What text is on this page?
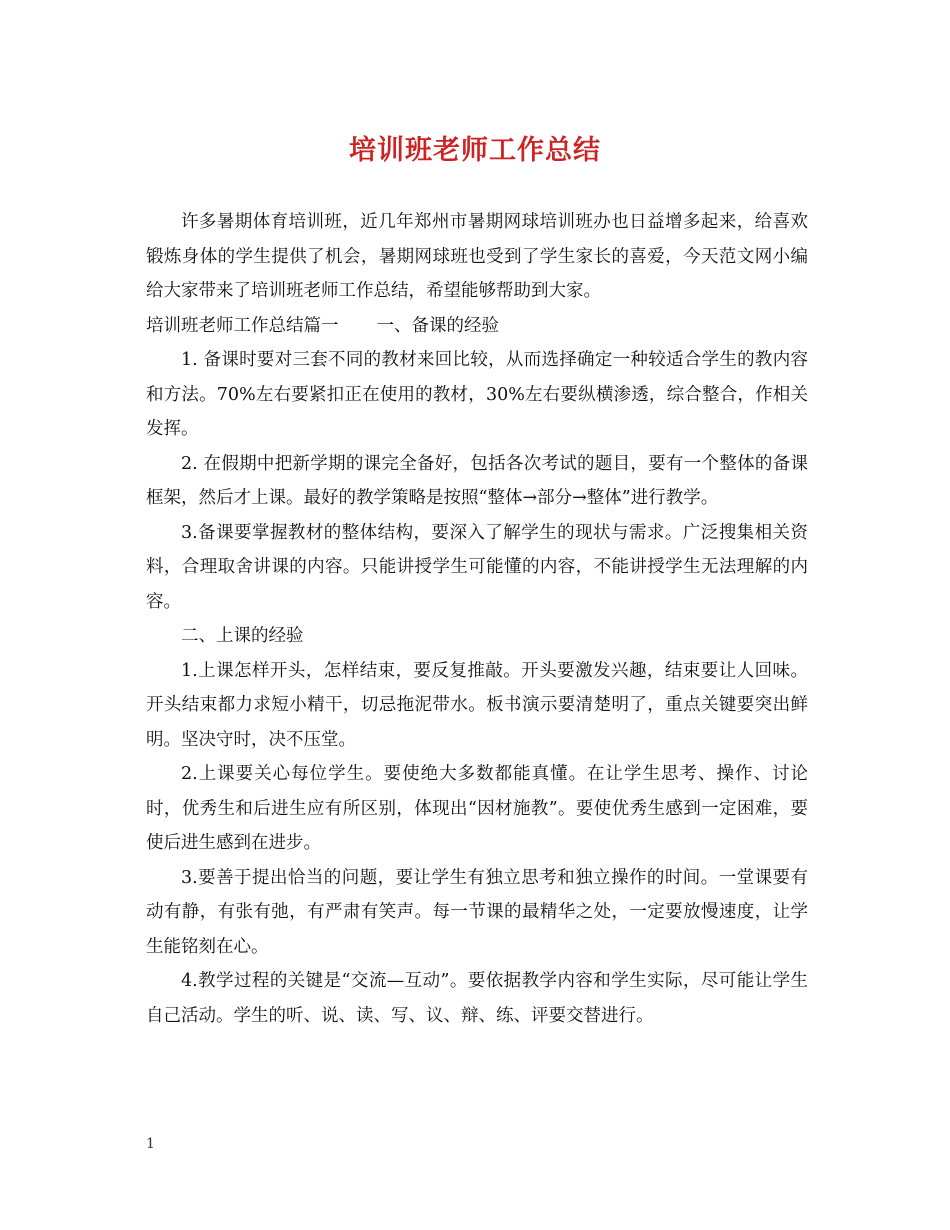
培训班老师工作总结

许多暑期体育培训班，近几年郑州市暑期网球培训班办也日益增多起来，给喜欢锻炼身体的学生提供了机会，暑期网球班也受到了学生家长的喜爱，今天范文网小编给大家带来了培训班老师工作总结，希望能够帮助到大家。

培训班老师工作总结篇一 一、备课的经验

1. 备课时要对三套不同的教材来回比较，从而选择确定一种较适合学生的教内容和方法。70%左右要紧扣正在使用的教材，30%左右要纵横渗透，综合整合，作相关发挥。

2. 在假期中把新学期的课完全备好，包括各次考试的题目，要有一个整体的备课框架，然后才上课。最好的教学策略是按照“整体→部分→整体”进行教学。

3.备课要掌握教材的整体结构，要深入了解学生的现状与需求。广泛搜集相关资料，合理取舍讲课的内容。只能讲授学生可能懂的内容，不能讲授学生无法理解的内容。

二、上课的经验

1.上课怎样开头，怎样结束，要反复推敲。开头要激发兴趣，结束要让人回味。开头结束都力求短小精干，切忌拖泥带水。板书演示要清楚明了，重点关键要突出鲜明。坚决守时，决不压堂。

2.上课要关心每位学生。要使绝大多数都能真懂。在让学生思考、操作、讨论时，优秀生和后进生应有所区别，体现出“因材施教”。要使优秀生感到一定困难，要使后进生感到在进步。

3.要善于提出恰当的问题，要让学生有独立思考和独立操作的时间。一堂课要有动有静，有张有弛，有严肃有笑声。每一节课的最精华之处，一定要放慢速度，让学生能铭刻在心。

4.教学过程的关键是“交流—互动”。要依据教学内容和学生实际，尽可能让学生自己活动。学生的听、说、读、写、议、辩、练、评要交替进行。

1
